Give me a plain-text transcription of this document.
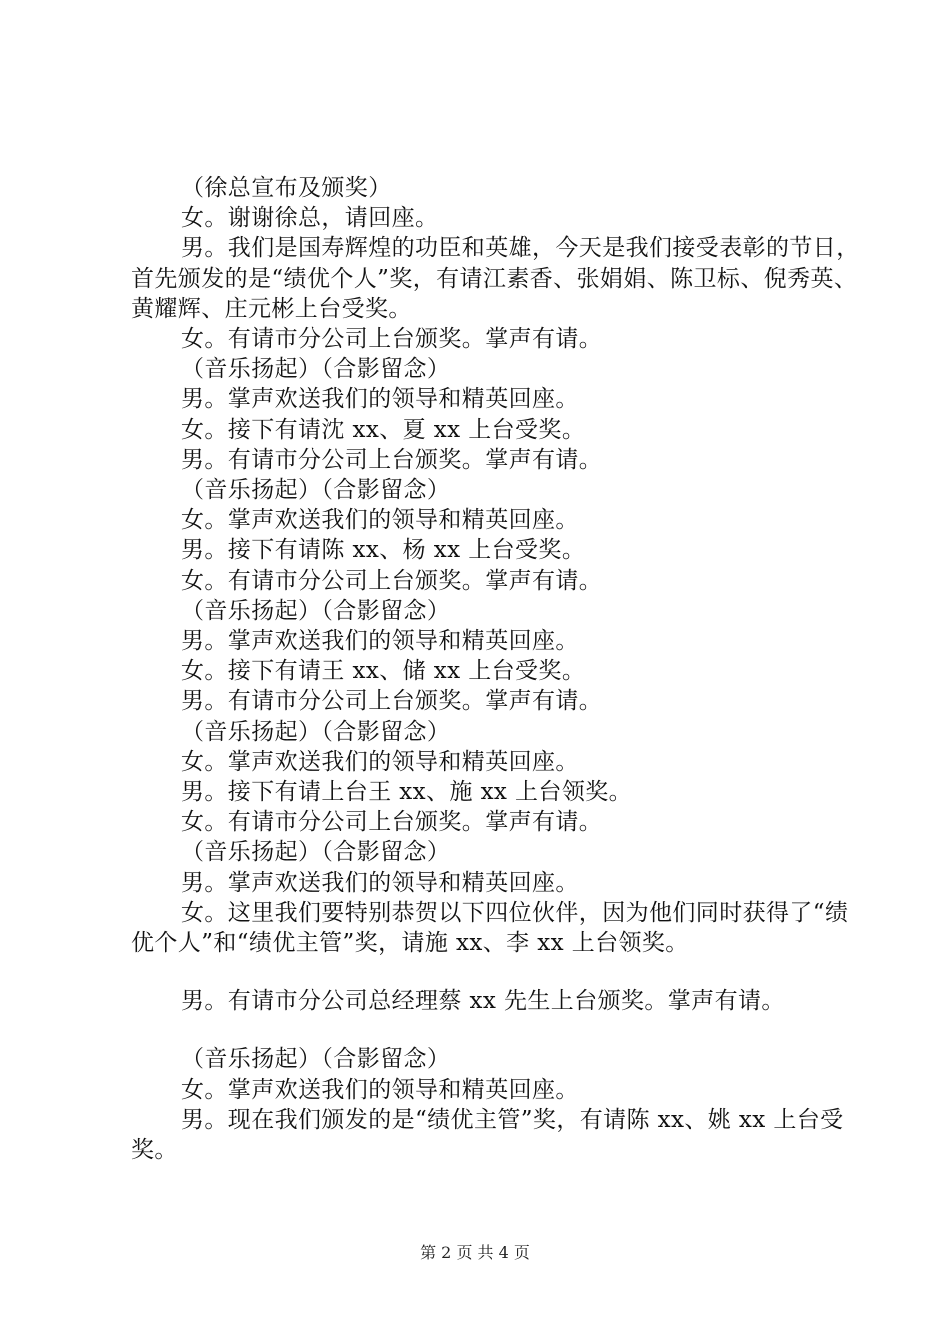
（徐总宣布及颁奖）

女。谢谢徐总，请回座。

男。我们是国寿辉煌的功臣和英雄，今天是我们接受表彰的节日，首先颁发的是“绩优个人”奖，有请江素香、张娟娟、陈卫标、倪秀英、黄耀辉、庄元彬上台受奖。

女。有请市分公司上台颁奖。掌声有请。

（音乐扬起）（合影留念）

男。掌声欢送我们的领导和精英回座。

女。接下有请沈 xx、夏 xx 上台受奖。

男。有请市分公司上台颁奖。掌声有请。

（音乐扬起）（合影留念）

女。掌声欢送我们的领导和精英回座。

男。接下有请陈 xx、杨 xx 上台受奖。

女。有请市分公司上台颁奖。掌声有请。

（音乐扬起）（合影留念）

男。掌声欢送我们的领导和精英回座。

女。接下有请王 xx、储 xx 上台受奖。

男。有请市分公司上台颁奖。掌声有请。

（音乐扬起）（合影留念）

女。掌声欢送我们的领导和精英回座。

男。接下有请上台王 xx、施 xx 上台领奖。

女。有请市分公司上台颁奖。掌声有请。

（音乐扬起）（合影留念）

男。掌声欢送我们的领导和精英回座。

女。这里我们要特别恭贺以下四位伙伴，因为他们同时获得了“绩优个人”和“绩优主管”奖，请施 xx、李 xx 上台领奖。

男。有请市分公司总经理蔡 xx 先生上台颁奖。掌声有请。

（音乐扬起）（合影留念）

女。掌声欢送我们的领导和精英回座。

男。现在我们颁发的是“绩优主管”奖，有请陈 xx、姚 xx 上台受奖。

第 2 页 共 4 页
